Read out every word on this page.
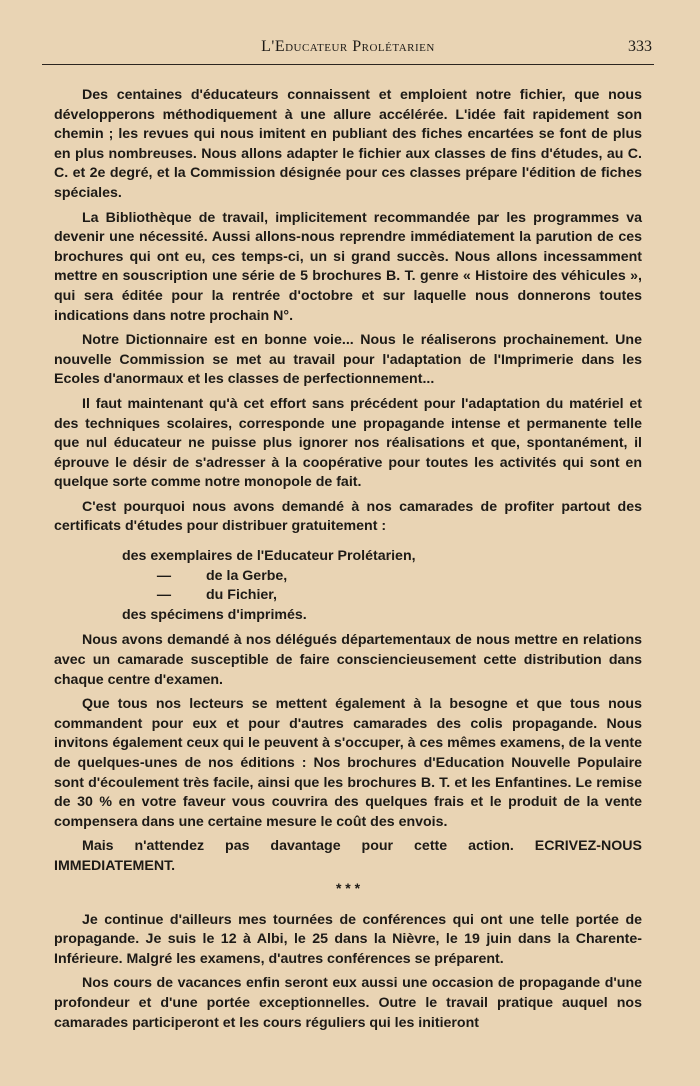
L'Educateur Prolétarien	333

Des centaines d'éducateurs connaissent et emploient notre fichier, que nous développerons méthodiquement à une allure accélérée. L'idée fait rapidement son chemin ; les revues qui nous imitent en publiant des fiches encartées se font de plus en plus nombreuses. Nous allons adapter le fichier aux classes de fins d'études, au C. C. et 2e degré, et la Commission désignée pour ces classes prépare l'édition de fiches spéciales.

La Bibliothèque de travail, implicitement recommandée par les programmes va devenir une nécessité. Aussi allons-nous reprendre immédiatement la parution de ces brochures qui ont eu, ces temps-ci, un si grand succès. Nous allons incessamment mettre en souscription une série de 5 brochures B. T. genre « Histoire des véhicules », qui sera éditée pour la rentrée d'octobre et sur laquelle nous donnerons toutes indications dans notre prochain N°.

Notre Dictionnaire est en bonne voie... Nous le réaliserons prochainement. Une nouvelle Commission se met au travail pour l'adaptation de l'Imprimerie dans les Ecoles d'anormaux et les classes de perfectionnement...

Il faut maintenant qu'à cet effort sans précédent pour l'adaptation du matériel et des techniques scolaires, corresponde une propagande intense et permanente telle que nul éducateur ne puisse plus ignorer nos réalisations et que, spontanément, il éprouve le désir de s'adresser à la coopérative pour toutes les activités qui sont en quelque sorte comme notre monopole de fait.

C'est pourquoi nous avons demandé à nos camarades de profiter partout des certificats d'études pour distribuer gratuitement :

des exemplaires de l'Educateur Prolétarien,
— de la Gerbe,
— du Fichier,
des spécimens d'imprimés.

Nous avons demandé à nos délégués départementaux de nous mettre en relations avec un camarade susceptible de faire consciencieusement cette distribution dans chaque centre d'examen.

Que tous nos lecteurs se mettent également à la besogne et que tous nous commandent pour eux et pour d'autres camarades des colis propagande. Nous invitons également ceux qui le peuvent à s'occuper, à ces mêmes examens, de la vente de quelques-unes de nos éditions : Nos brochures d'Education Nouvelle Populaire sont d'écoulement très facile, ainsi que les brochures B. T. et les Enfantines. Le remise de 30 % en votre faveur vous couvrira des quelques frais et le produit de la vente compensera dans une certaine mesure le coût des envois.

Mais n'attendez pas davantage pour cette action. ECRIVEZ-NOUS IMMEDIATEMENT.

* * *

Je continue d'ailleurs mes tournées de conférences qui ont une telle portée de propagande. Je suis le 12 à Albi, le 25 dans la Nièvre, le 19 juin dans la Charente-Inférieure. Malgré les examens, d'autres conférences se préparent.

Nos cours de vacances enfin seront eux aussi une occasion de propagande d'une profondeur et d'une portée exceptionnelles. Outre le travail pratique auquel nos camarades participeront et les cours réguliers qui les initieront
